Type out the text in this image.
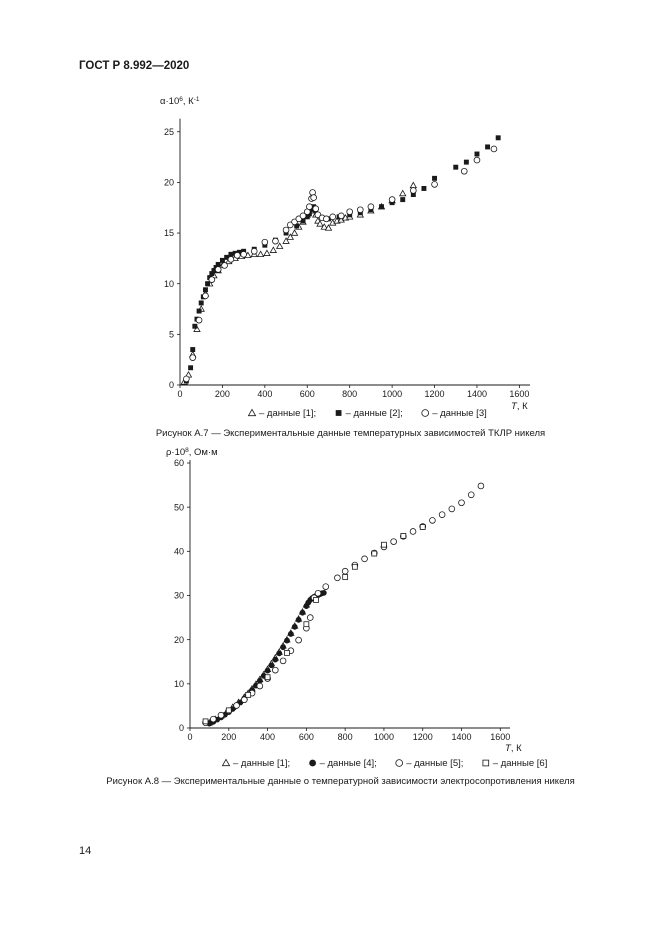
ГОСТ Р 8.992—2020
0	200	400	600	800	1000 1200 1400 1600
0
5
10
15
20
25
$\alpha\cdot 10^6$, $К^{-1}$
T, К
– данные [1];	– данные [2];	– данные [3]
Рисунок А.7 — Экспериментальные данные температурных зависимостей ТКЛР никеля
0	200	400	600	800 1000 1200 1400 1600
0
10
20
30
40
50
60
$\rho\cdot 10^8$, Ом·м
T, К
– данные [1];	– данные [4];	– данные [5];	– данные [6]
Рисунок А.8 — Экспериментальные данные о температурной зависимости электросопротивления никеля
14
